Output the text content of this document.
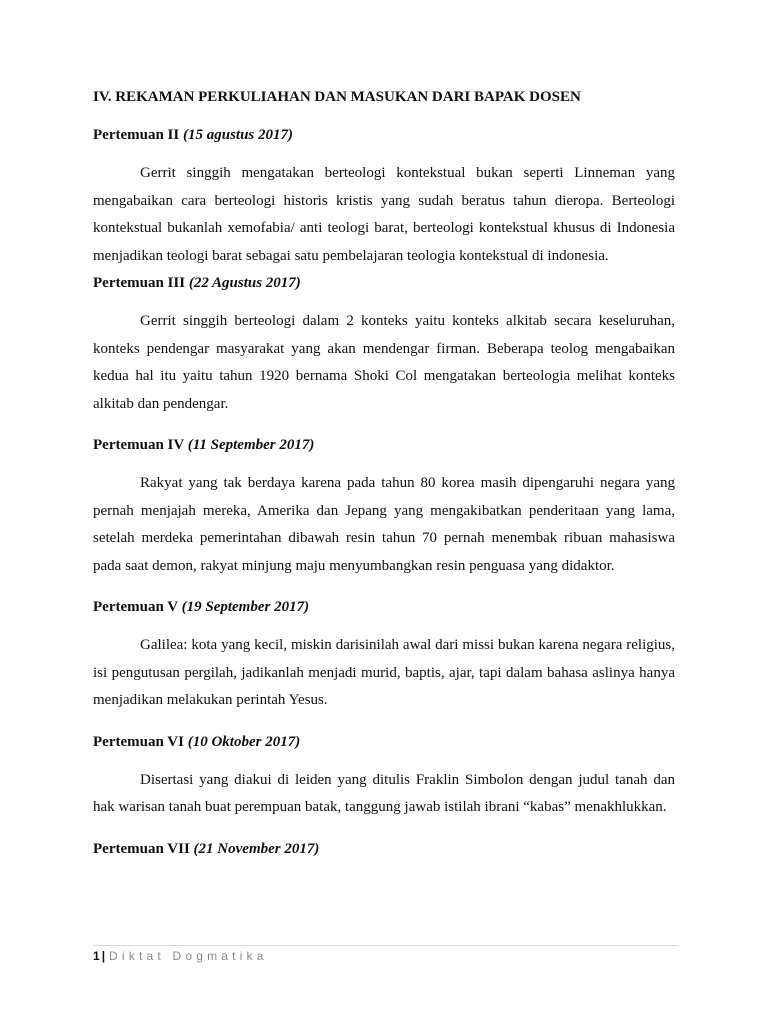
IV. REKAMAN PERKULIAHAN DAN MASUKAN DARI BAPAK DOSEN

Pertemuan II (15 agustus 2017)

Gerrit singgih mengatakan berteologi kontekstual bukan seperti Linneman yang mengabaikan cara berteologi historis kristis yang sudah beratus tahun dieropa. Berteologi kontekstual bukanlah xemofabia/ anti teologi barat, berteologi kontekstual khusus di Indonesia menjadikan teologi barat sebagai satu pembelajaran teologia kontekstual di indonesia.

Pertemuan III (22 Agustus 2017)

Gerrit singgih berteologi dalam 2 konteks yaitu konteks alkitab secara keseluruhan, konteks pendengar masyarakat yang akan mendengar firman. Beberapa teolog mengabaikan kedua hal itu yaitu tahun 1920 bernama Shoki Col mengatakan berteologia melihat konteks alkitab dan pendengar.

Pertemuan IV (11 September 2017)

Rakyat yang tak berdaya karena pada tahun 80 korea masih dipengaruhi negara yang pernah menjajah mereka, Amerika dan Jepang yang mengakibatkan penderitaan yang lama, setelah merdeka pemerintahan dibawah resin tahun 70 pernah menembak ribuan mahasiswa pada saat demon, rakyat minjung maju menyumbangkan resin penguasa yang didaktor.

Pertemuan V (19 September 2017)

Galilea: kota yang kecil, miskin darisinilah awal dari missi bukan karena negara religius, isi pengutusan pergilah, jadikanlah menjadi murid, baptis, ajar, tapi dalam bahasa aslinya hanya menjadikan melakukan perintah Yesus.

Pertemuan VI (10 Oktober 2017)

Disertasi yang diakui di leiden yang ditulis Fraklin Simbolon dengan judul tanah dan hak warisan tanah buat perempuan batak, tanggung jawab istilah ibrani “kabas” menakhlukkan.

Pertemuan VII (21 November 2017)

1 | Diktat Dogmatika
